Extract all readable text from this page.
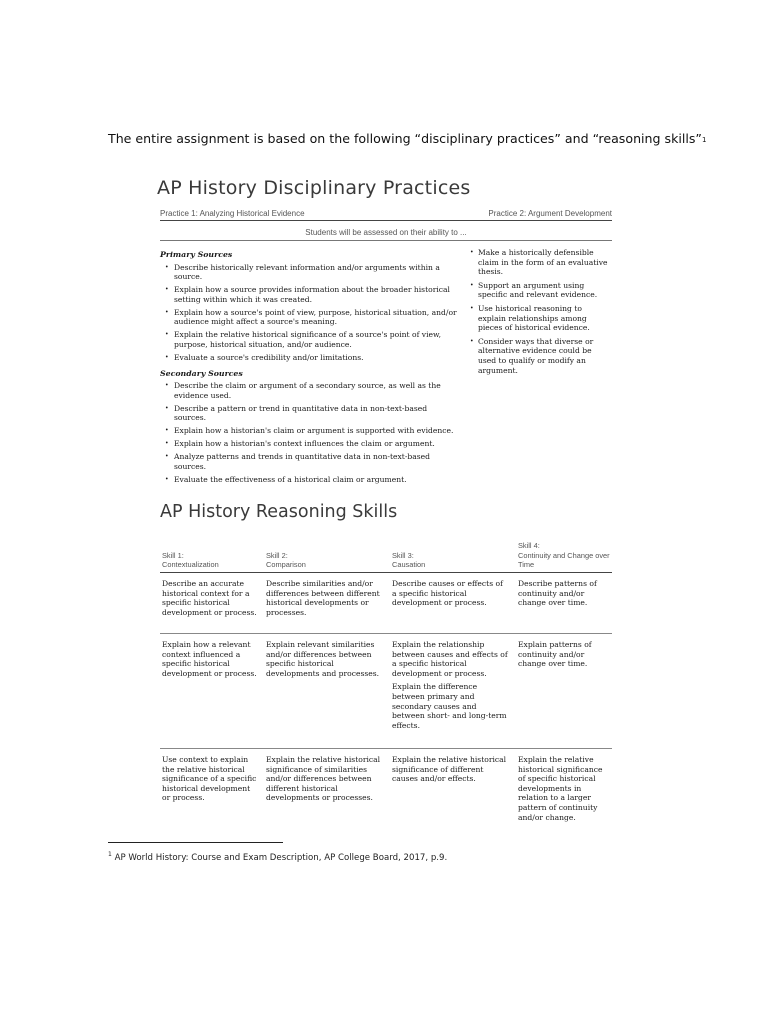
The entire assignment is based on the following “disciplinary practices” and “reasoning skills”$^1$
AP History Disciplinary Practices
Practice 1: Analyzing Historical Evidence	Practice 2: Argument Development
Students will be assessed on their ability to ...
Primary Sources
• Describe historically relevant information and/or arguments within a source.
• Explain how a source provides information about the broader historical setting within which it was created.
• Explain how a source's point of view, purpose, historical situation, and/or audience might affect a source's meaning.
• Explain the relative historical significance of a source's point of view, purpose, historical situation, and/or audience.
• Evaluate a source's credibility and/or limitations.
Secondary Sources
• Describe the claim or argument of a secondary source, as well as the evidence used.
• Describe a pattern or trend in quantitative data in non-text-based sources.
• Explain how a historian's claim or argument is supported with evidence.
• Explain how a historian's context influences the claim or argument.
• Analyze patterns and trends in quantitative data in non-text-based sources.
• Evaluate the effectiveness of a historical claim or argument.
• Make a historically defensible claim in the form of an evaluative thesis.
• Support an argument using specific and relevant evidence.
• Use historical reasoning to explain relationships among pieces of historical evidence.
• Consider ways that diverse or alternative evidence could be used to qualify or modify an argument.
AP History Reasoning Skills
Skill 1:
Contextualization
Skill 2:
Comparison
Skill 3:
Causation
Skill 4:
Continuity and Change over Time
Describe an accurate historical context for a specific historical development or process.
Describe similarities and/or differences between different historical developments or processes.
Describe causes or effects of a specific historical development or process.
Describe patterns of continuity and/or change over time.
Explain how a relevant context influenced a specific historical development or process.
Explain relevant similarities and/or differences between specific historical developments and processes.

Explain the relationship between causes and effects of a specific historical development or process.

Explain the difference between primary and secondary causes and between short- and long-term effects.

Explain patterns of continuity and/or change over time.
Use context to explain the relative historical significance of a specific historical development or process.
Explain the relative historical significance of similarities and/or differences between different historical developments or processes.
Explain the relative historical significance of different causes and/or effects.
Explain the relative historical significance of specific historical developments in relation to a larger pattern of continuity and/or change.
$^1$ AP World History: Course and Exam Description, AP College Board, 2017, p.9.
